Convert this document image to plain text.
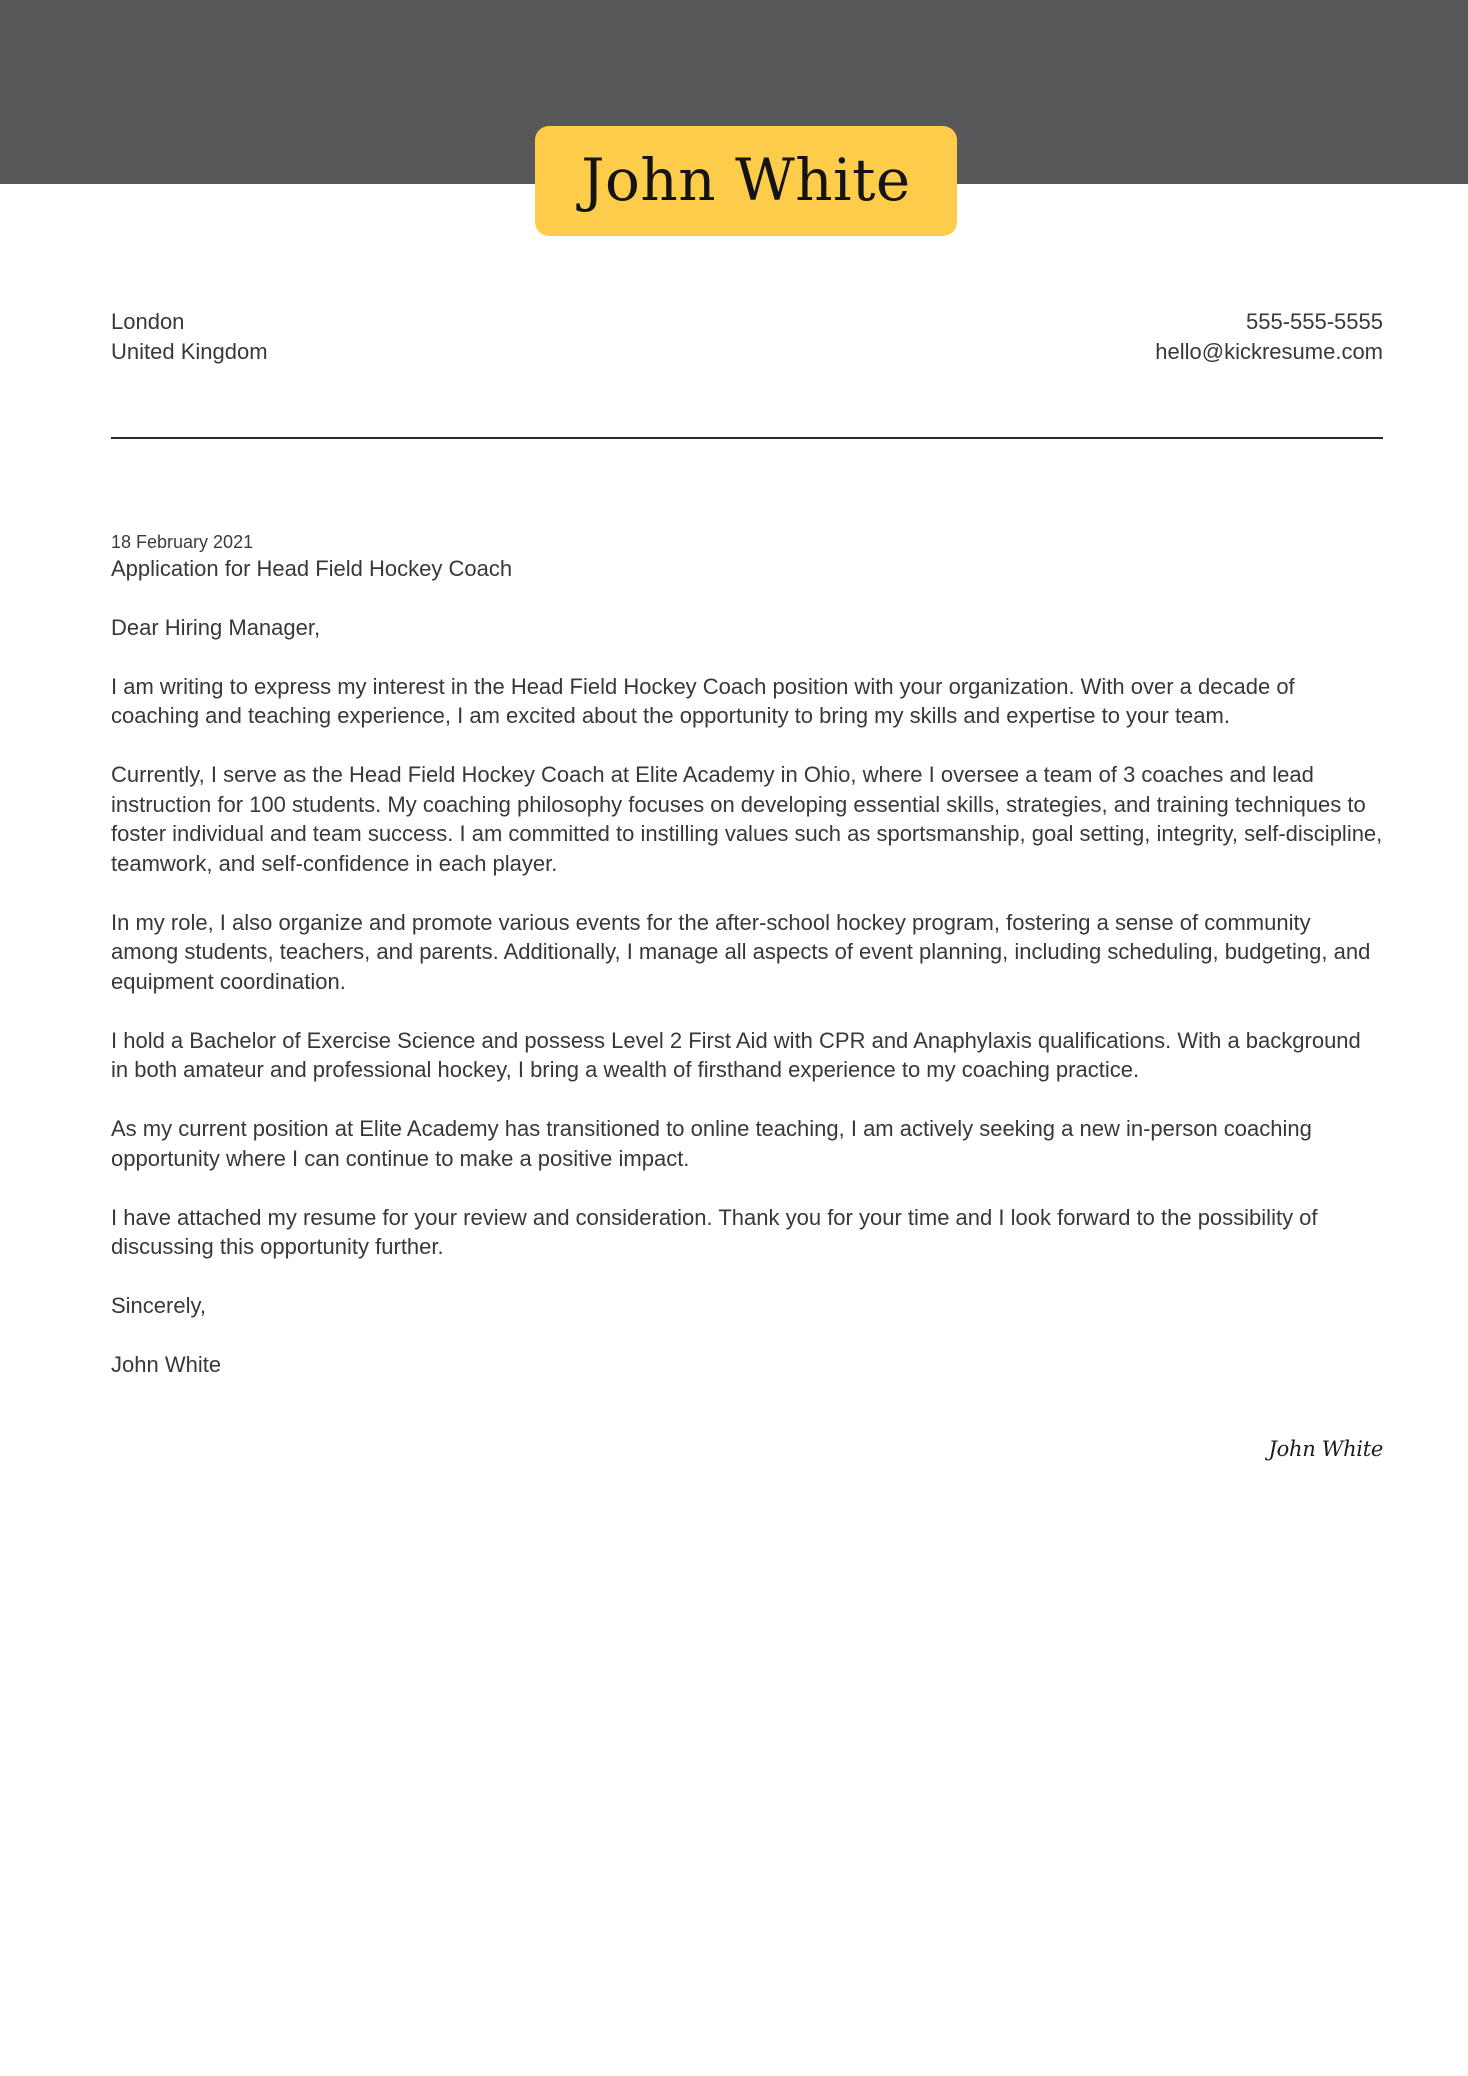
John White
London
United Kingdom
555-555-5555
hello@kickresume.com
18 February 2021
Application for Head Field Hockey Coach

Dear Hiring Manager,

I am writing to express my interest in the Head Field Hockey Coach position with your organization. With over a decade of coaching and teaching experience, I am excited about the opportunity to bring my skills and expertise to your team.

Currently, I serve as the Head Field Hockey Coach at Elite Academy in Ohio, where I oversee a team of 3 coaches and lead instruction for 100 students. My coaching philosophy focuses on developing essential skills, strategies, and training techniques to foster individual and team success. I am committed to instilling values such as sportsmanship, goal setting, integrity, self-discipline, teamwork, and self-confidence in each player.

In my role, I also organize and promote various events for the after-school hockey program, fostering a sense of community among students, teachers, and parents. Additionally, I manage all aspects of event planning, including scheduling, budgeting, and equipment coordination.

I hold a Bachelor of Exercise Science and possess Level 2 First Aid with CPR and Anaphylaxis qualifications. With a background in both amateur and professional hockey, I bring a wealth of firsthand experience to my coaching practice.

As my current position at Elite Academy has transitioned to online teaching, I am actively seeking a new in-person coaching opportunity where I can continue to make a positive impact.

I have attached my resume for your review and consideration. Thank you for your time and I look forward to the possibility of discussing this opportunity further.

Sincerely,

John White

John White
